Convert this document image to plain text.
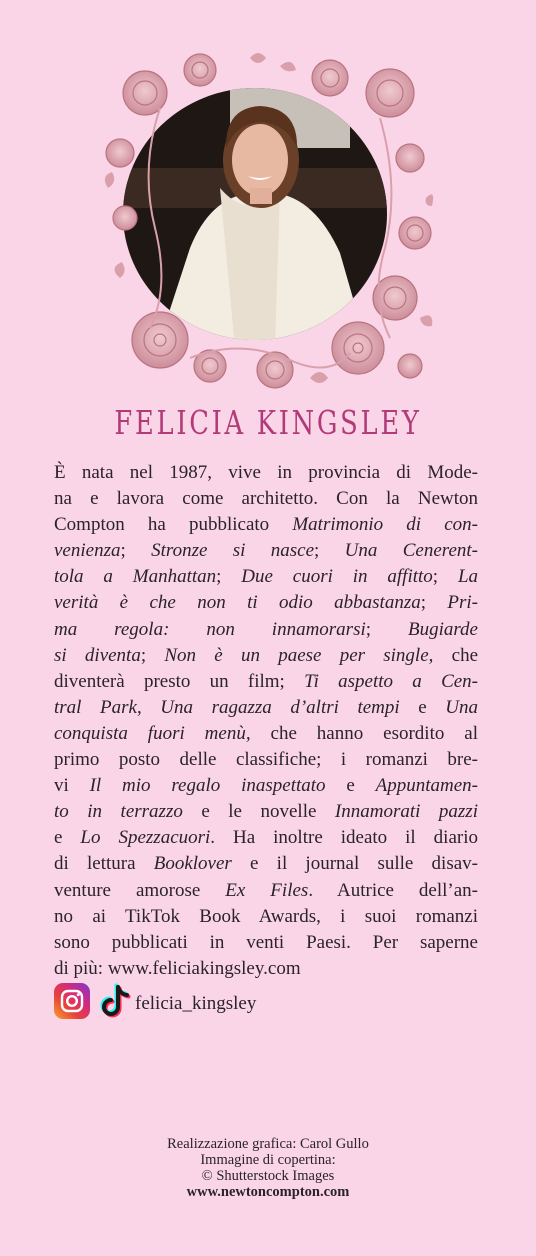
FELICIA KINGSLEY
È nata nel 1987, vive in provincia di Mode-
na e lavora come architetto. Con la Newton
Compton ha pubblicato Matrimonio di con-
venienza; Stronze si nasce; Una Cenerent-
tola a Manhattan; Due cuori in affitto; La
verità è che non ti odio abbastanza; Pri-
ma regola: non innamorarsi; Bugiarde
si diventa; Non è un paese per single, che
diventerà presto un film; Ti aspetto a Cen-
tral Park, Una ragazza d’altri tempi e Una
conquista fuori menù, che hanno esordito al
primo posto delle classifiche; i romanzi bre-
vi Il mio regalo inaspettato e Appuntamen-
to in terrazzo e le novelle Innamorati pazzi
e Lo Spezzacuori. Ha inoltre ideato il diario
di lettura Booklover e il journal sulle disav-
venture amorose Ex Files. Autrice dell’an-
no ai TikTok Book Awards, i suoi romanzi
sono pubblicati in venti Paesi. Per saperne
di più: www.feliciakingsley.com
felicia_kingsley
Realizzazione grafica: Carol Gullo
Immagine di copertina:
© Shutterstock Images
www.newtoncompton.com
